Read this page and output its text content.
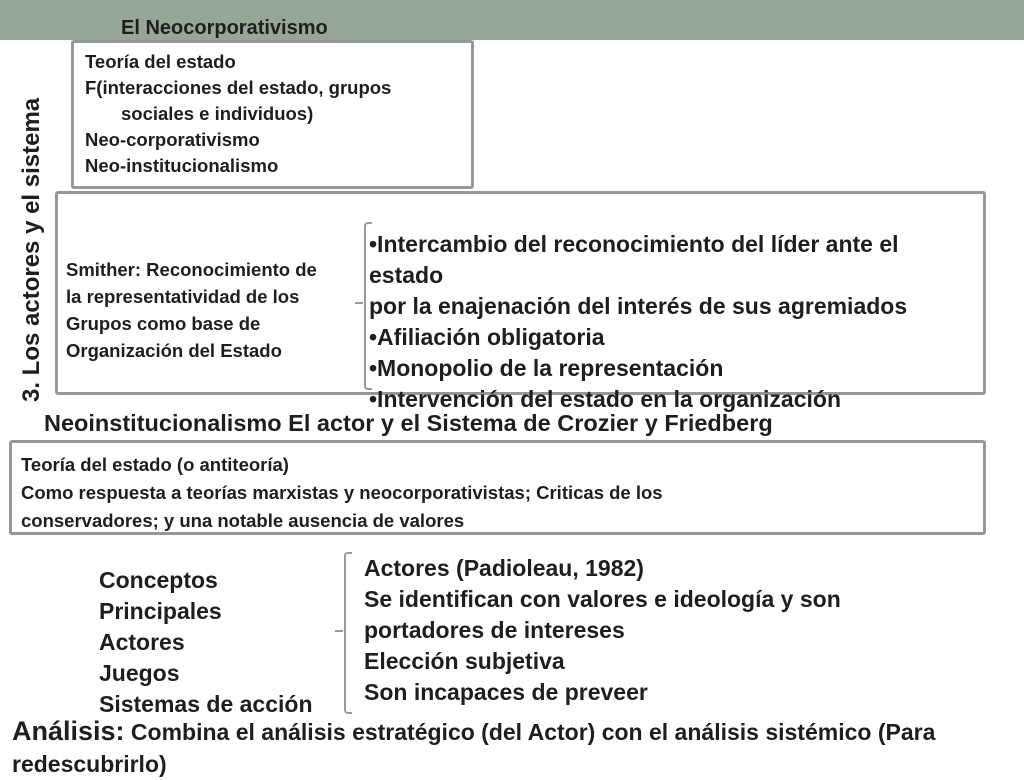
El Neocorporativismo
3. Los actores y el sistema
Teoría del estado
F(interacciones del estado, grupos
sociales e individuos)
Neo-corporativismo
Neo-institucionalismo
Smither: Reconocimiento de
la representatividad de los
Grupos como base de
Organización del Estado
•Intercambio del reconocimiento del líder ante el
estado
por la enajenación del interés de sus agremiados
•Afiliación obligatoria
•Monopolio de la representación
•Intervención del estado en la organización
Neoinstitucionalismo El actor y el Sistema de Crozier y Friedberg
Teoría del estado (o antiteoría)
Como respuesta a teorías marxistas y neocorporativistas; Criticas de los
conservadores; y una notable ausencia de valores
Conceptos
Principales
Actores
Juegos
Sistemas de acción
Actores (Padioleau, 1982)
Se identifican con valores e ideología y son
portadores de intereses
Elección subjetiva
Son incapaces de preveer
Análisis: Combina el análisis estratégico (del Actor) con el análisis sistémico (Para
redescubrirlo)
